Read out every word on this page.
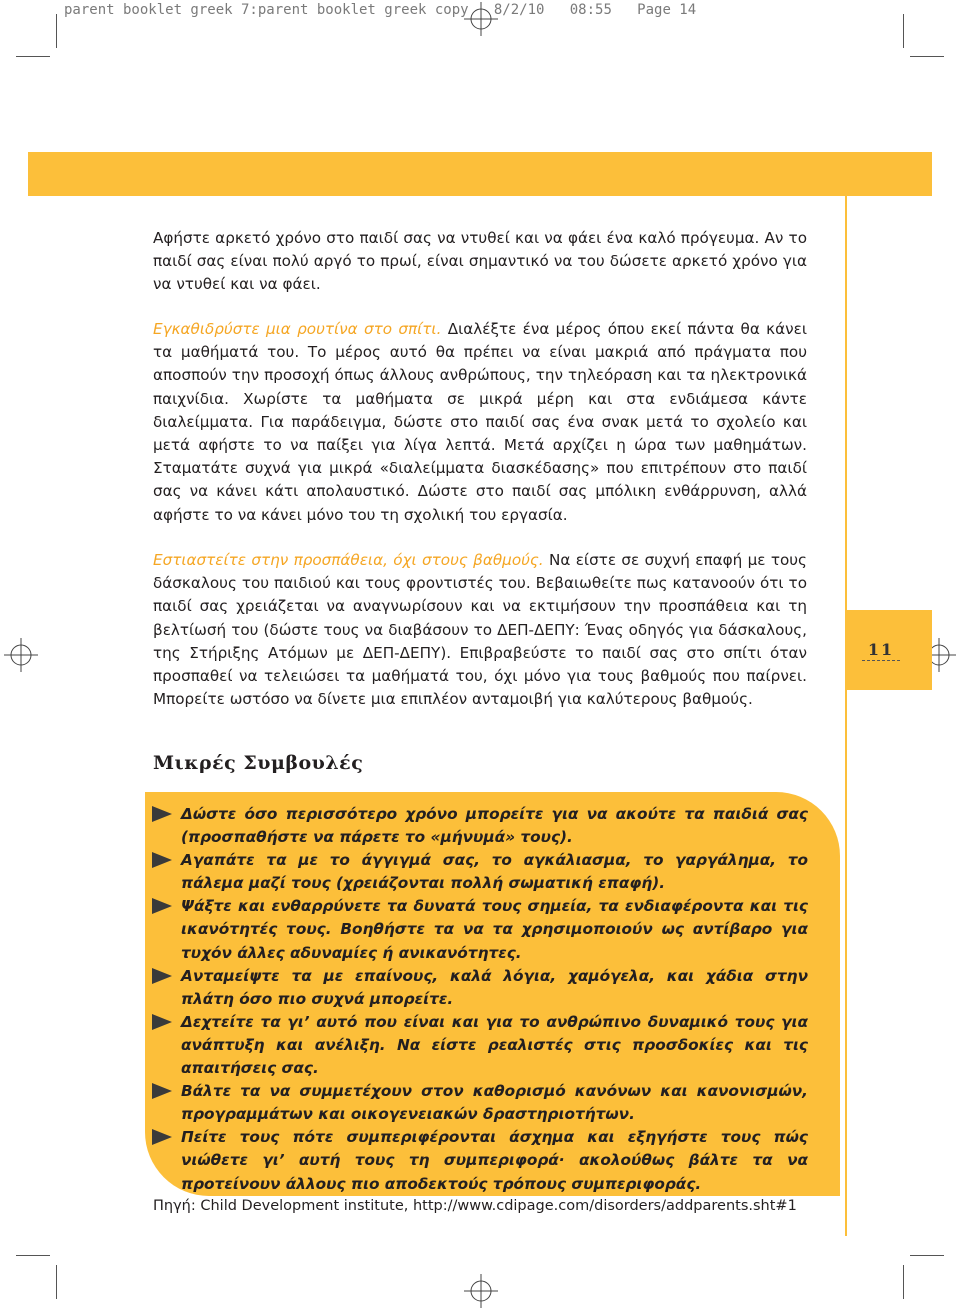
parent booklet greek 7:parent booklet greek copy   8/2/10   08:55   Page 14

11

Αφήστε αρκετό χρόνο στο παιδί σας να ντυθεί και να φάει ένα καλό πρόγευμα. Αν το παιδί σας είναι πολύ αργό το πρωί, είναι σημαντικό να του δώσετε αρκετό χρόνο για να ντυθεί και να φάει.

Εγκαθιδρύστε μια ρουτίνα στο σπίτι. Διαλέξτε ένα μέρος όπου εκεί πάντα θα κάνει τα μαθήματά του. Το μέρος αυτό θα πρέπει να είναι μακριά από πράγματα που αποσπούν την προσοχή όπως άλλους ανθρώπους, την τηλεόραση και τα ηλεκτρονικά παιχνίδια. Χωρίστε τα μαθήματα σε μικρά μέρη και στα ενδιάμεσα κάντε διαλείμματα. Για παράδειγμα, δώστε στο παιδί σας ένα σνακ μετά το σχολείο και μετά αφήστε το να παίξει για λίγα λεπτά. Μετά αρχίζει η ώρα των μαθημάτων. Σταματάτε συχνά για μικρά «διαλείμματα διασκέδασης» που επιτρέπουν στο παιδί σας να κάνει κάτι απολαυστικό. Δώστε στο παιδί σας μπόλικη ενθάρρυνση, αλλά αφήστε το να κάνει μόνο του τη σχολική του εργασία.

Εστιαστείτε στην προσπάθεια, όχι στους βαθμούς. Να είστε σε συχνή επαφή με τους δάσκαλους του παιδιού και τους φροντιστές του. Βεβαιωθείτε πως κατανοούν ότι το παιδί σας χρειάζεται να αναγνωρίσουν και να εκτιμήσουν την προσπάθεια και τη βελτίωσή του (δώστε τους να διαβάσουν το ΔΕΠ-ΔΕΠΥ: Ένας οδηγός για δάσκαλους, της Στήριξης Ατόμων με ΔΕΠ-ΔΕΠΥ). Επιβραβεύστε το παιδί σας στο σπίτι όταν προσπαθεί να τελειώσει τα μαθήματά του, όχι μόνο για τους βαθμούς που παίρνει. Μπορείτε ωστόσο να δίνετε μια επιπλέον ανταμοιβή για καλύτερους βαθμούς.

Μικρές Συμβουλές
Δώστε όσο περισσότερο χρόνο μπορείτε για να ακούτε τα παιδιά σας (προσπαθήστε να πάρετε το «μήνυμά» τους).
Αγαπάτε τα με το άγγιγμά σας, το αγκάλιασμα, το γαργάλημα, το πάλεμα μαζί τους (χρειάζονται πολλή σωματική επαφή).
Ψάξτε και ενθαρρύνετε τα δυνατά τους σημεία, τα ενδιαφέροντα και τις ικανότητές τους. Βοηθήστε τα να τα χρησιμοποιούν ως αντίβαρο για τυχόν άλλες αδυναμίες ή ανικανότητες.
Ανταμείψτε τα με επαίνους, καλά λόγια, χαμόγελα, και χάδια στην πλάτη όσο πιο συχνά μπορείτε.
Δεχτείτε τα γι’ αυτό που είναι και για το ανθρώπινο δυναμικό τους για ανάπτυξη και ανέλιξη. Να είστε ρεαλιστές στις προσδοκίες και τις απαιτήσεις σας.
Βάλτε τα να συμμετέχουν στον καθορισμό κανόνων και κανονισμών, προγραμμάτων και οικογενειακών δραστηριοτήτων.
Πείτε τους πότε συμπεριφέρονται άσχημα και εξηγήστε τους πώς νιώθετε γι’ αυτή τους τη συμπεριφορά· ακολούθως βάλτε τα να προτείνουν άλλους πιο αποδεκτούς τρόπους συμπεριφοράς.

Πηγή: Child Development institute, http://www.cdipage.com/disorders/addparents.sht#1
